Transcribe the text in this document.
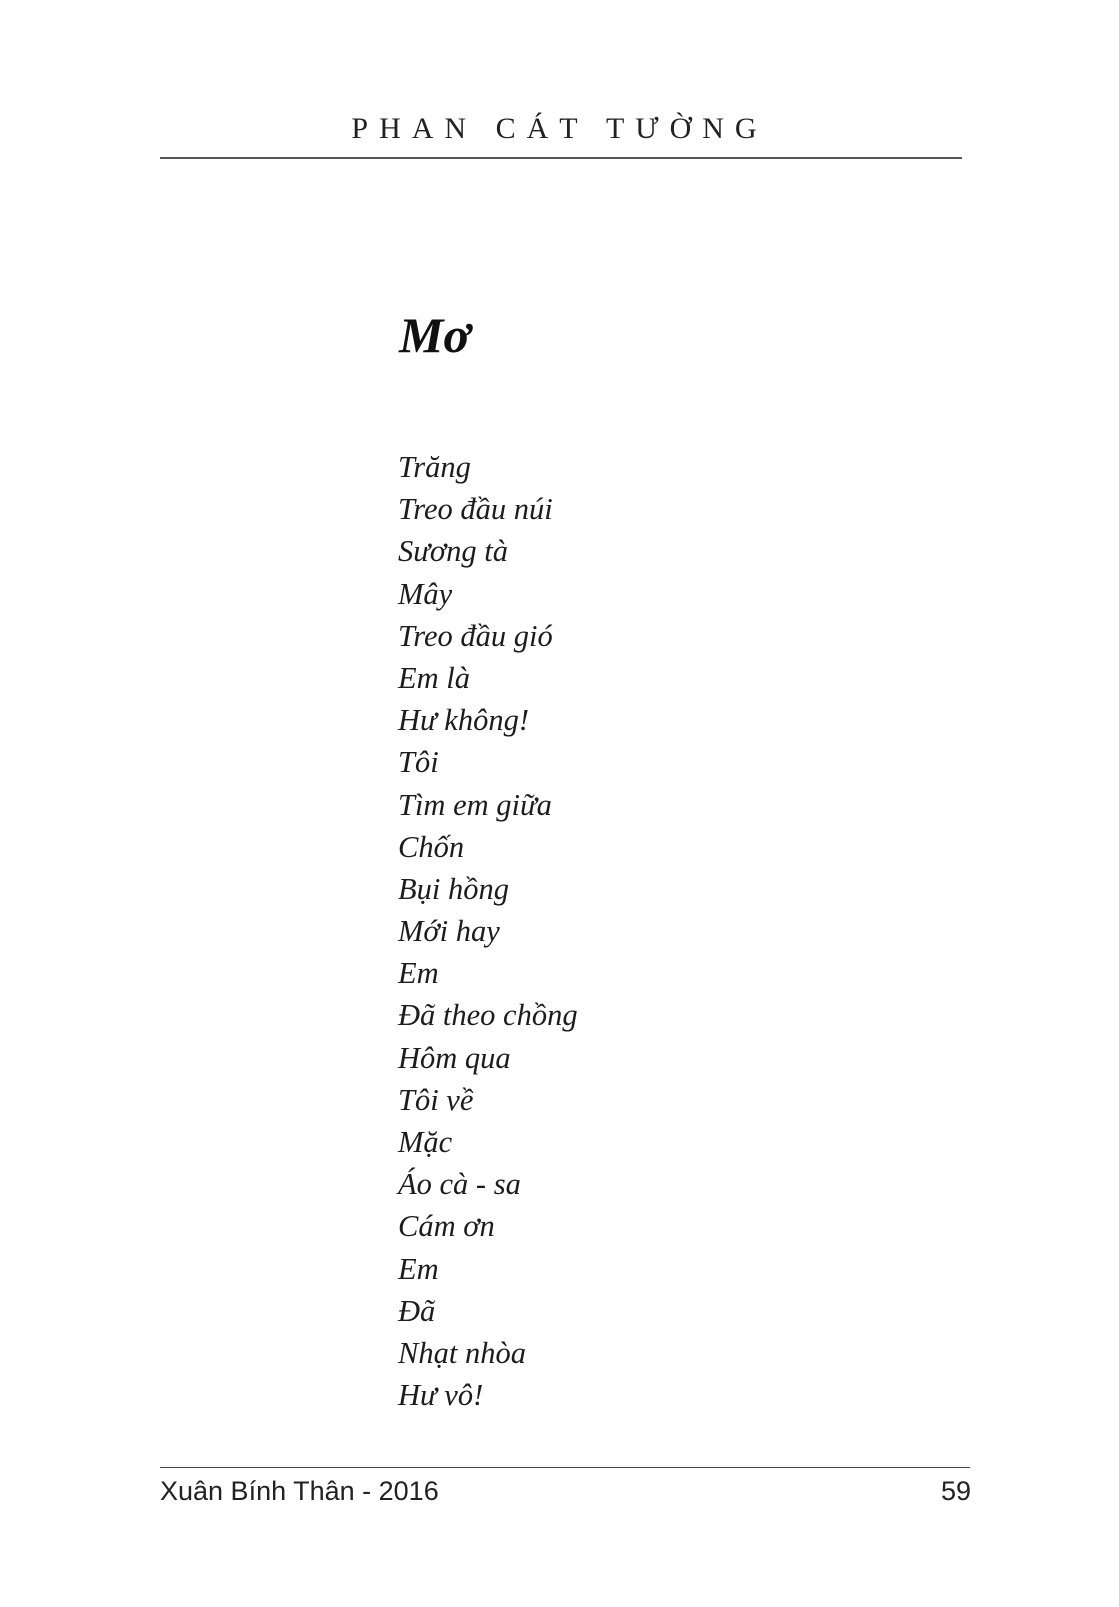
PHAN CÁT TƯỜNG
Mơ
Trăng
Treo đầu núi
Sương tà
Mây
Treo đầu gió
Em là
Hư không!
Tôi
Tìm em giữa
Chốn
Bụi hồng
Mới hay
Em
Đã theo chồng
Hôm qua
Tôi về
Mặc
Áo cà - sa
Cám ơn
Em
Đã
Nhạt nhòa
Hư vô!
Xuân Bính Thân - 2016	59
